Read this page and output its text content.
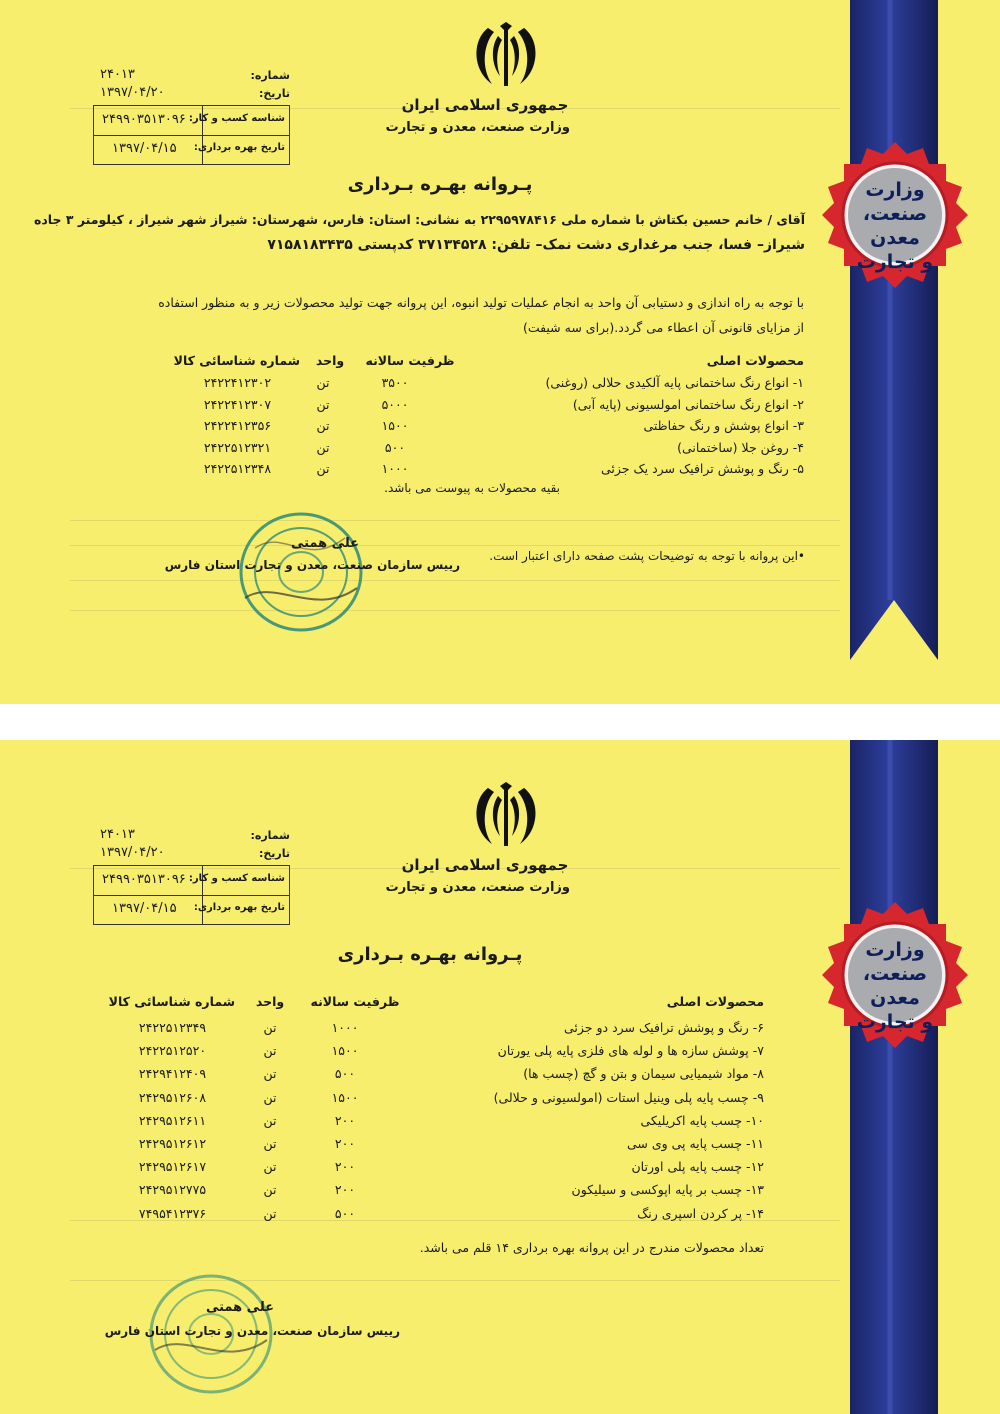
وزارت
صنعت، معدن
و تجارت
شماره:
۲۴۰۱۳
تاریخ:
۱۳۹۷/۰۴/۲۰
شناسه کسب و کار:
۲۴۹۹۰۳۵۱۳۰۹۶
تاریخ بهره برداری:
۱۳۹۷/۰۴/۱۵
جمهوری اسلامی ایران
وزارت صنعت، معدن و تجارت
پـروانه بهـره بـرداری
آقای / خانم حسین بکتاش با شماره ملی ۲۲۹۵۹۷۸۴۱۶ به نشانی: استان: فارس، شهرستان: شیراز شهر شیراز ، کیلومتر ۳ جاده
شیراز– فسا، جنب مرغداری دشت نمک– تلفن: ۳۷۱۳۴۵۲۸ کدپستی ۷۱۵۸۱۸۳۴۳۵
با توجه به راه اندازی و دستیابی آن واحد به انجام عملیات تولید انبوه، این پروانه جهت تولید محصولات زیر و به منظور استفاده
از مزایای قانونی آن اعطاء می گردد.(برای سه شیفت)
محصولات اصلی
ظرفیت سالانه
واحد
شماره شناسائی کالا
۱- انواع رنگ ساختمانی پایه آلکیدی حلالی (روغنی)
۳۵۰۰
تن
۲۴۲۲۴۱۲۳۰۲
۲- انواع رنگ ساختمانی امولسیونی (پایه آبی)
۵۰۰۰
تن
۲۴۲۲۴۱۲۳۰۷
۳- انواع پوشش و رنگ حفاظتی
۱۵۰۰
تن
۲۴۲۲۴۱۲۳۵۶
۴- روغن جلا (ساختمانی)
۵۰۰
تن
۲۴۲۲۵۱۲۳۲۱
۵- رنگ و پوشش ترافیک سرد یک جزئی
۱۰۰۰
تن
۲۴۲۲۵۱۲۳۴۸
بقیه محصولات به پیوست می باشد.
علی همتی
رییس سازمان صنعت، معدن و تجارت استان فارس
•این پروانه با توجه به توضیحات پشت صفحه دارای اعتبار است.
وزارت
صنعت، معدن
و تجارت
شماره:
۲۴۰۱۳
تاریخ:
۱۳۹۷/۰۴/۲۰
شناسه کسب و کار:
۲۴۹۹۰۳۵۱۳۰۹۶
تاریخ بهره برداری:
۱۳۹۷/۰۴/۱۵
جمهوری اسلامی ایران
وزارت صنعت، معدن و تجارت
پـروانه بهـره بـرداری
محصولات اصلی
ظرفیت سالانه
واحد
شماره شناسائی کالا
۶- رنگ و پوشش ترافیک سرد دو جزئی
۱۰۰۰
تن
۲۴۲۲۵۱۲۳۴۹
۷- پوشش سازه ها و لوله های فلزی پایه پلی یورتان
۱۵۰۰
تن
۲۴۲۲۵۱۲۵۲۰
۸- مواد شیمیایی سیمان و بتن و گچ (چسب ها)
۵۰۰
تن
۲۴۲۹۴۱۲۴۰۹
۹- چسب پایه پلی وینیل استات (امولسیونی و حلالی)
۱۵۰۰
تن
۲۴۲۹۵۱۲۶۰۸
۱۰- چسب پایه اکریلیکی
۲۰۰
تن
۲۴۲۹۵۱۲۶۱۱
۱۱- چسب پایه پی وی سی
۲۰۰
تن
۲۴۲۹۵۱۲۶۱۲
۱۲- چسب پایه پلی اورتان
۲۰۰
تن
۲۴۲۹۵۱۲۶۱۷
۱۳- چسب بر پایه اپوکسی و سیلیکون
۲۰۰
تن
۲۴۲۹۵۱۲۷۷۵
۱۴- پر کردن اسپری رنگ
۵۰۰
تن
۷۴۹۵۴۱۲۳۷۶
تعداد محصولات مندرج در این پروانه بهره برداری ۱۴ قلم می باشد.
علی همتی
رییس سازمان صنعت، معدن و تجارت استان فارس
